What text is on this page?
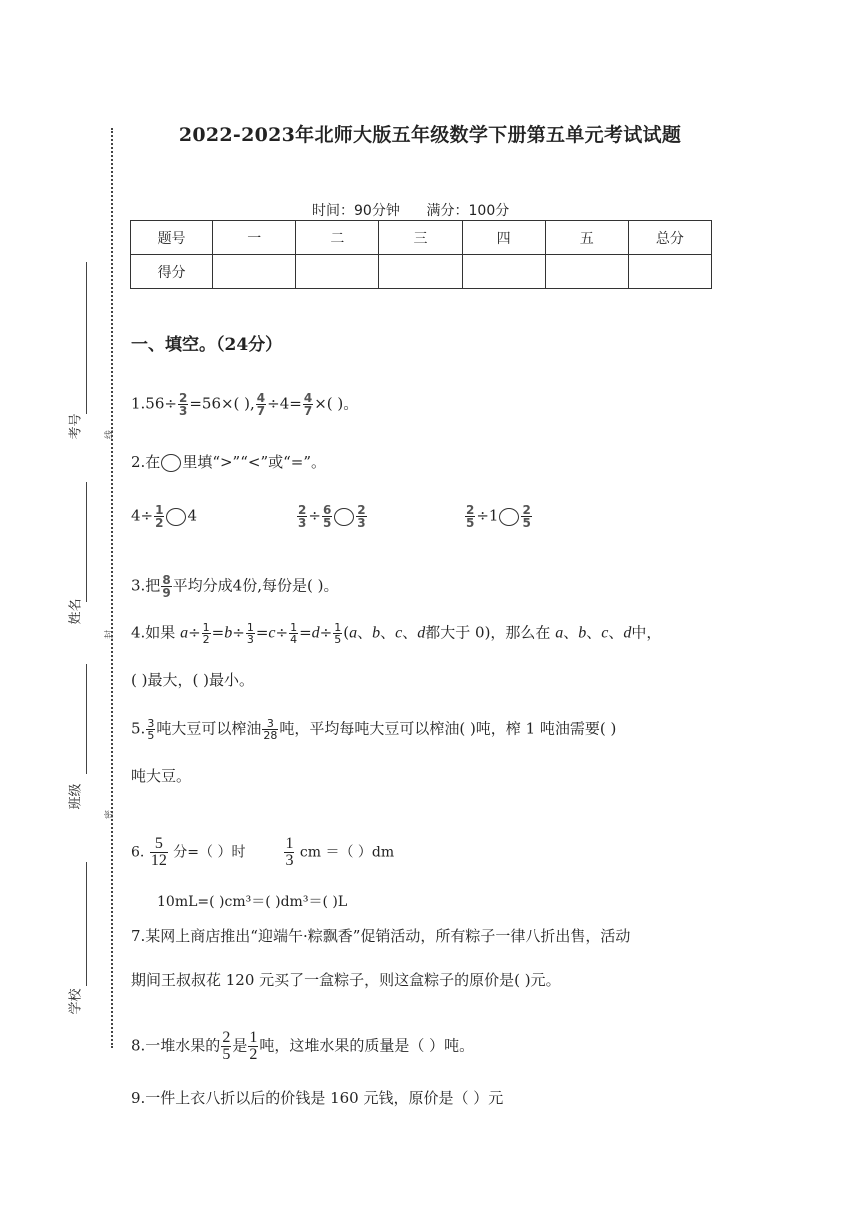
考号
姓名
班级
学校
线
封
密
2022-2023年北师大版五年级数学下册第五单元考试试题
时间：90分钟      满分：100分
题号	一	二	三	四	五	总分
得分						
一、填空。（24分）
$1.56\div \frac{2}{3} =56\times$( ), $\frac{4}{7} \div 4= \frac{4}{7}$ ×( )。
2.在 里填“>”“<”或“=”。
$4\div \frac{1}{2} 4$	$\frac{2}{3} \div \frac{6}{5} \frac{2}{3}$	$\frac{2}{5} \div 1 \frac{2}{5}$
3.把 $\frac{8}{9}$ 平均分成4份,每份是( )。
4.如果 $a\div \frac{1}{2} =b\div \frac{1}{3} =c\div \frac{1}{4} =d\div \frac{1}{5} (a$、b、c、d都大于 0)，那么在 a、b、c、d中，
( )最大，( )最小。
5. $\frac{3}{5}$ 吨大豆可以榨油 $\frac{3}{28}$ 吨，平均每吨大豆可以榨油( )吨，榨 1 吨油需要( )
吨大豆。
6. $\frac{5}{12}$ 分=（ ）时 $\frac{1}{3}$ cm ＝（ ）dm
10mL=( )cm³＝( )dm³＝( )L
7.某网上商店推出“迎端午·粽飘香”促销活动，所有粽子一律八折出售，活动
期间王叔叔花 120 元买了一盒粽子，则这盒粽子的原价是( )元。
8.一堆水果的 $\frac{2}{5}$ 是 $\frac{1}{2}$ 吨，这堆水果的质量是（ ）吨。
9.一件上衣八折以后的价钱是 160 元钱，原价是（ ）元
